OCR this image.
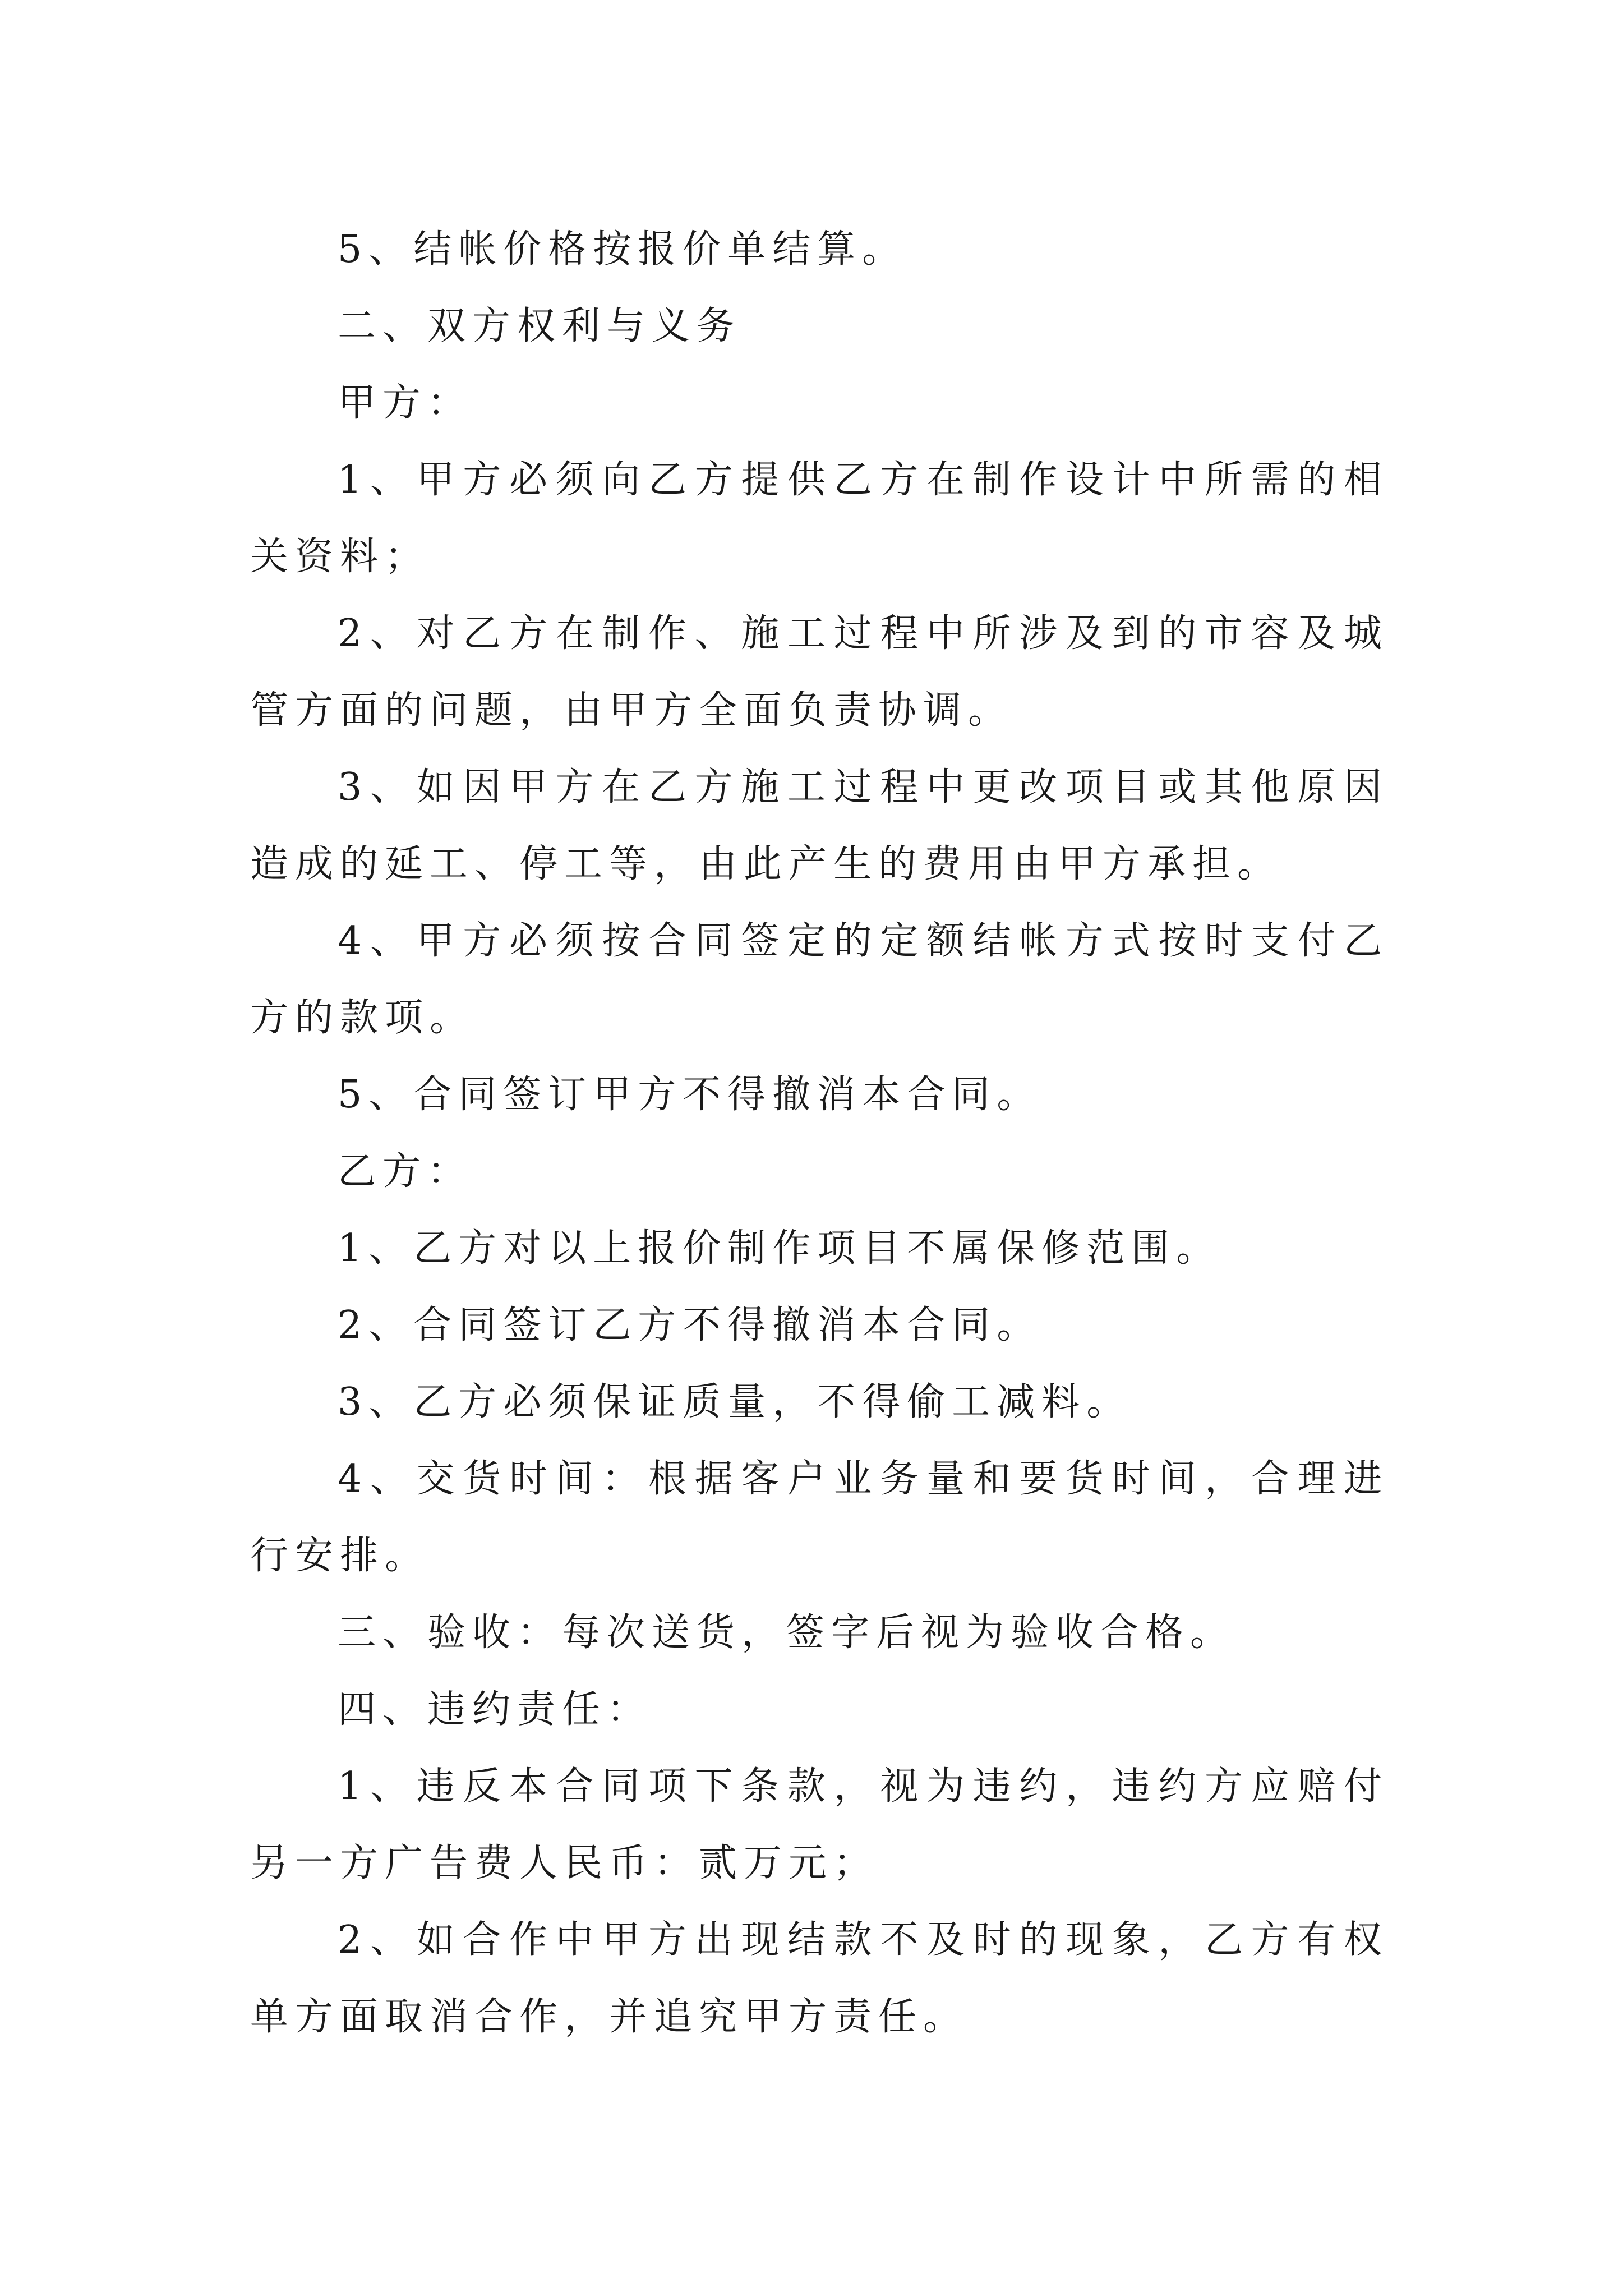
5、结帐价格按报价单结算。

二、双方权利与义务

甲方：

1、甲方必须向乙方提供乙方在制作设计中所需的相关资料；

2、对乙方在制作、施工过程中所涉及到的市容及城管方面的问题，由甲方全面负责协调。

3、如因甲方在乙方施工过程中更改项目或其他原因造成的延工、停工等，由此产生的费用由甲方承担。

4、甲方必须按合同签定的定额结帐方式按时支付乙方的款项。

5、合同签订甲方不得撤消本合同。

乙方：

1、乙方对以上报价制作项目不属保修范围。

2、合同签订乙方不得撤消本合同。

3、乙方必须保证质量，不得偷工减料。

4、交货时间：根据客户业务量和要货时间，合理进行安排。

三、验收：每次送货，签字后视为验收合格。

四、违约责任：

1、违反本合同项下条款，视为违约，违约方应赔付另一方广告费人民币：贰万元；

2、如合作中甲方出现结款不及时的现象，乙方有权单方面取消合作，并追究甲方责任。
